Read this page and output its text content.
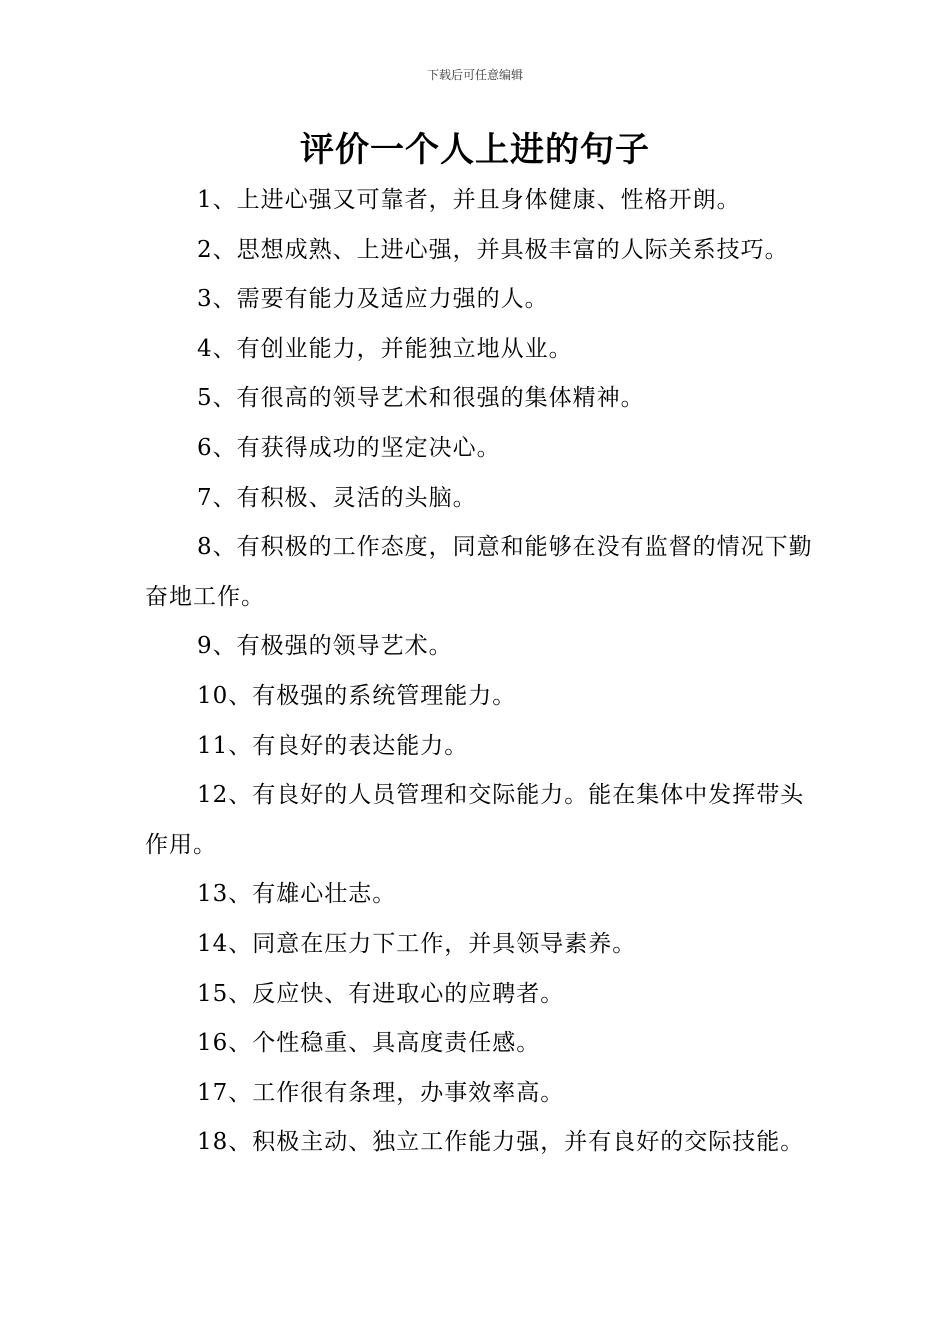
下载后可任意编辑
评价一个人上进的句子

1、上进心强又可靠者，并且身体健康、性格开朗。

2、思想成熟、上进心强，并具极丰富的人际关系技巧。

3、需要有能力及适应力强的人。

4、有创业能力，并能独立地从业。

5、有很高的领导艺术和很强的集体精神。

6、有获得成功的坚定决心。

7、有积极、灵活的头脑。

8、有积极的工作态度，同意和能够在没有监督的情况下勤奋地工作。

9、有极强的领导艺术。

10、有极强的系统管理能力。

11、有良好的表达能力。

12、有良好的人员管理和交际能力。能在集体中发挥带头作用。

13、有雄心壮志。

14、同意在压力下工作，并具领导素养。

15、反应快、有进取心的应聘者。

16、个性稳重、具高度责任感。

17、工作很有条理，办事效率高。

18、积极主动、独立工作能力强，并有良好的交际技能。
